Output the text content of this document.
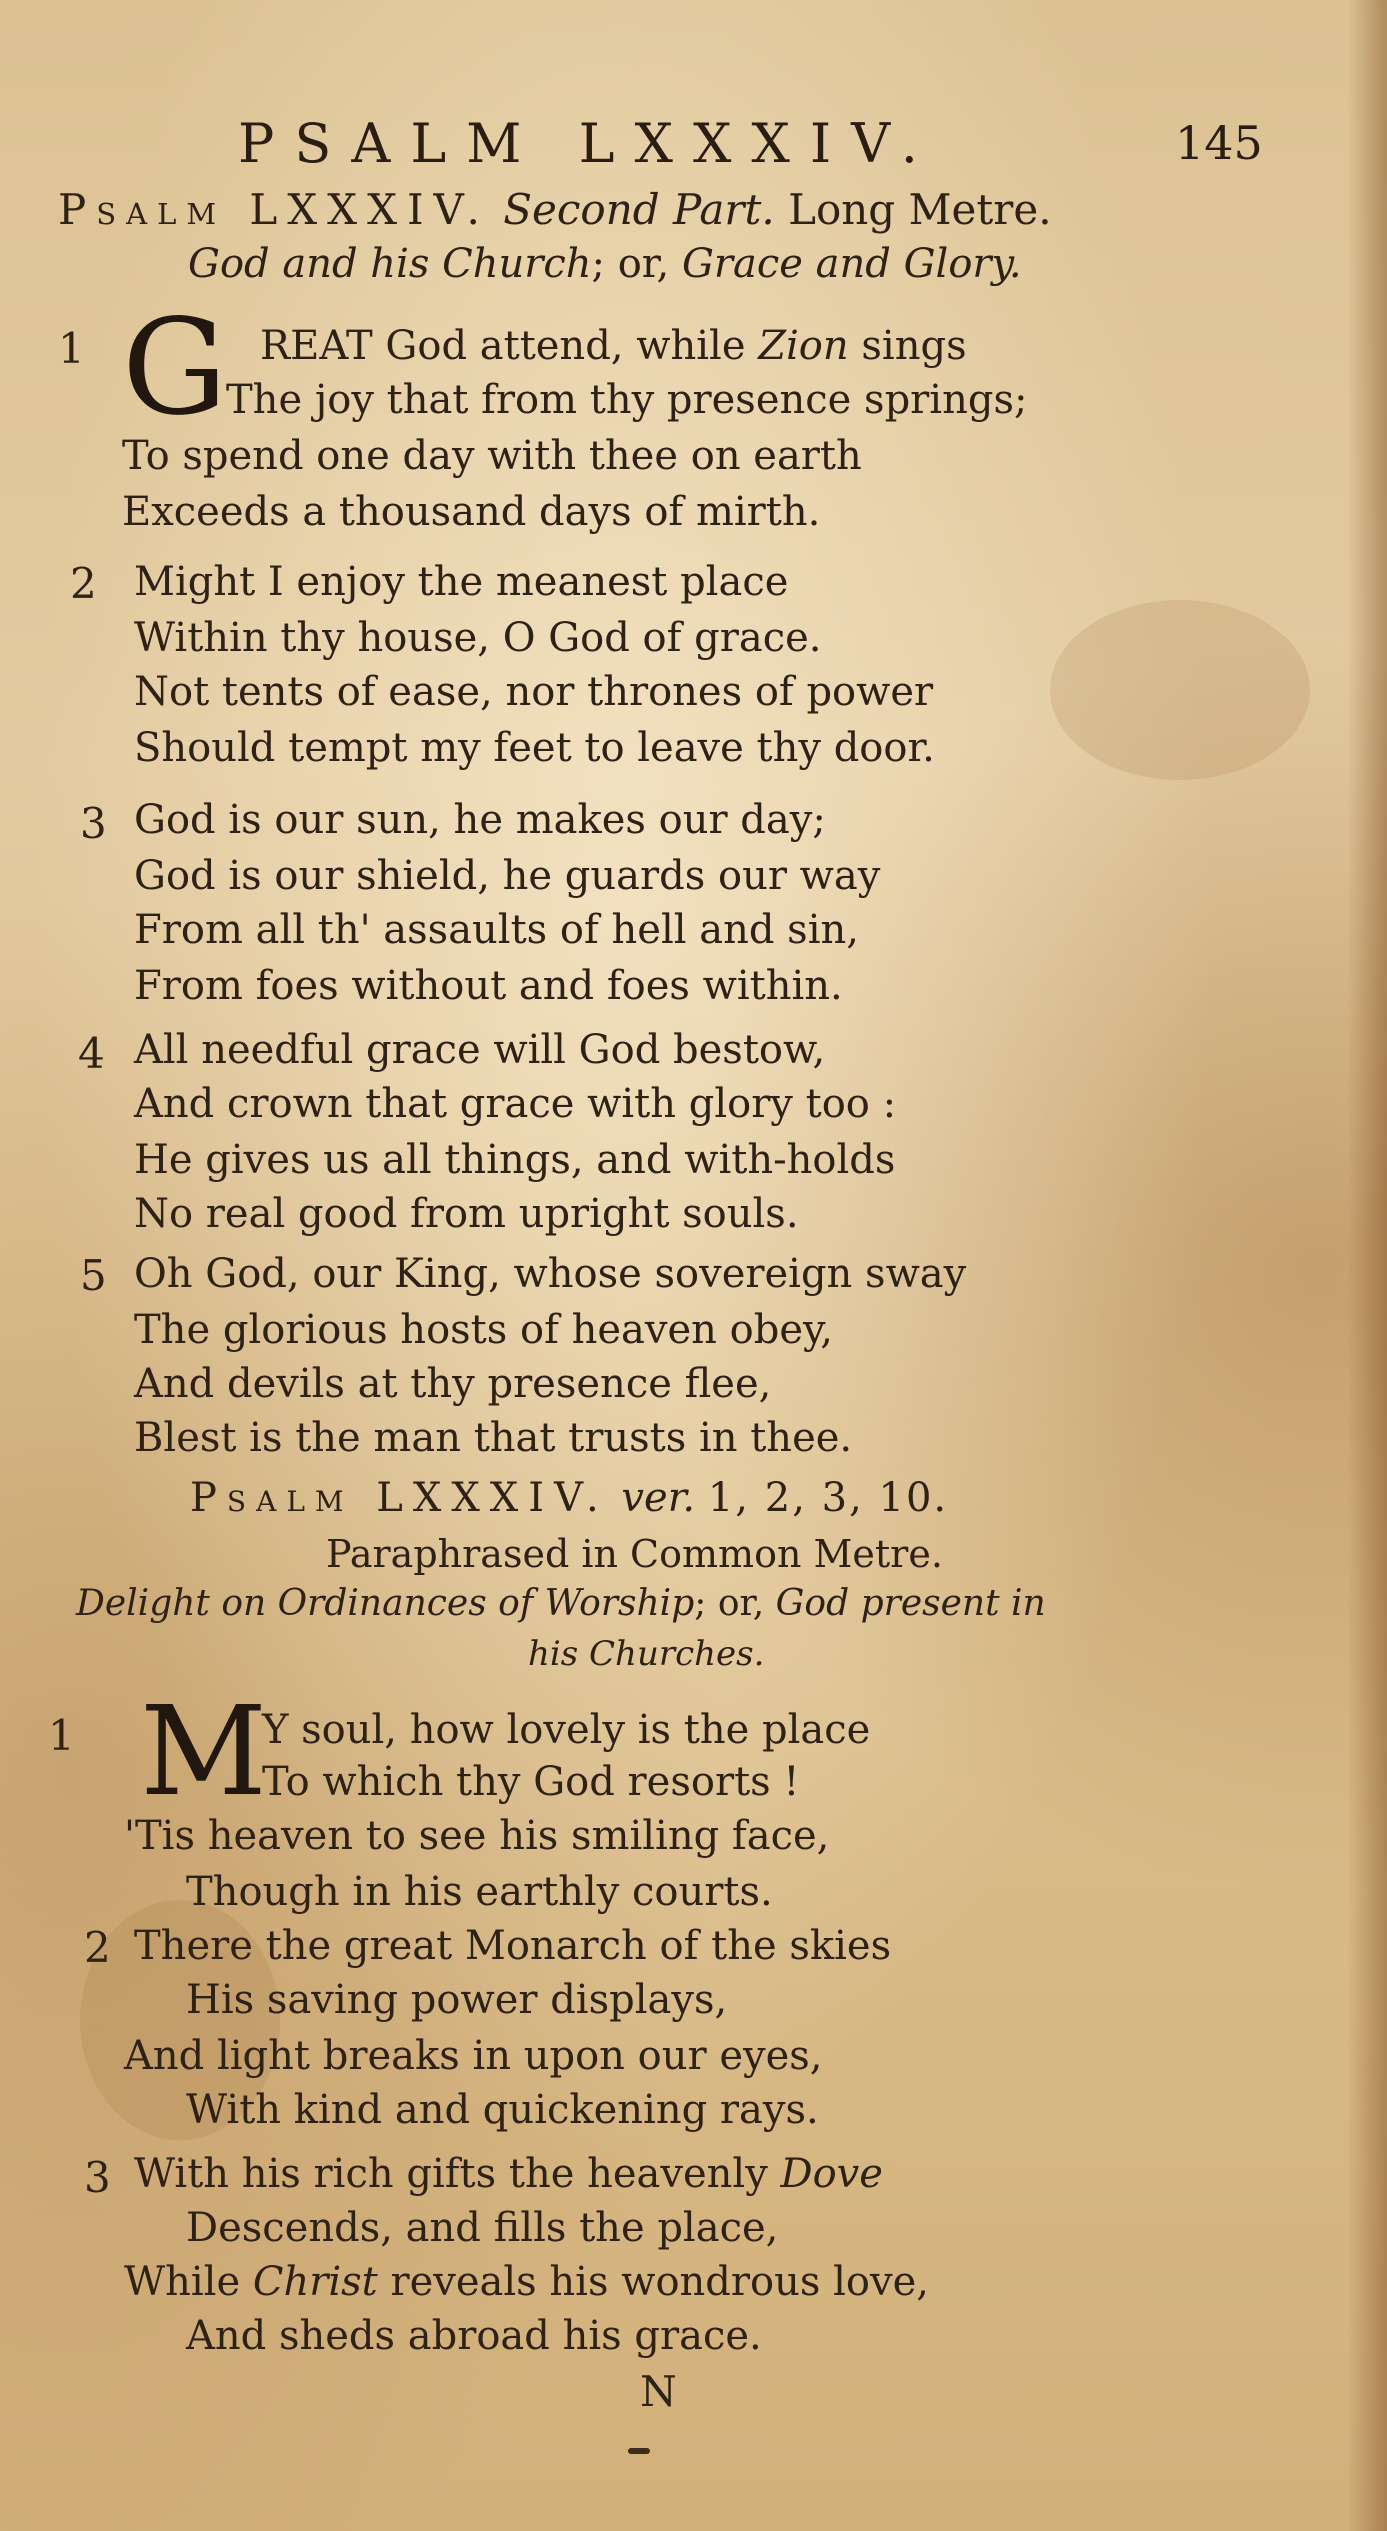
PSALM LXXXIV.	145
Psalm LXXXIV. Second Part. Long Metre.
God and his Church; or, Grace and Glory.
1 G REAT God attend, while Zion sings
The joy that from thy presence springs;
To spend one day with thee on earth
Exceeds a thousand days of mirth.
2 Might I enjoy the meanest place
Within thy house, O God of grace.
Not tents of ease, nor thrones of power
Should tempt my feet to leave thy door.
3 God is our sun, he makes our day;
God is our shield, he guards our way
From all th' assaults of hell and sin,
From foes without and foes within.
4 All needful grace will God bestow,
And crown that grace with glory too :
He gives us all things, and with-holds
No real good from upright souls.
5 Oh God, our King, whose sovereign sway
The glorious hosts of heaven obey,
And devils at thy presence flee,
Blest is the man that trusts in thee.
Psalm LXXXIV. ver. 1, 2, 3, 10.
Paraphrased in Common Metre.
Delight on Ordinances of Worship; or, God present in
his Churches.
1 M
Y soul, how lovely is the place
To which thy God resorts !
'Tis heaven to see his smiling face,
Though in his earthly courts.
2 There the great Monarch of the skies
His saving power displays,
And light breaks in upon our eyes,
With kind and quickening rays.
3 With his rich gifts the heavenly Dove
Descends, and fills the place,
While Christ reveals his wondrous love,
And sheds abroad his grace.
N
